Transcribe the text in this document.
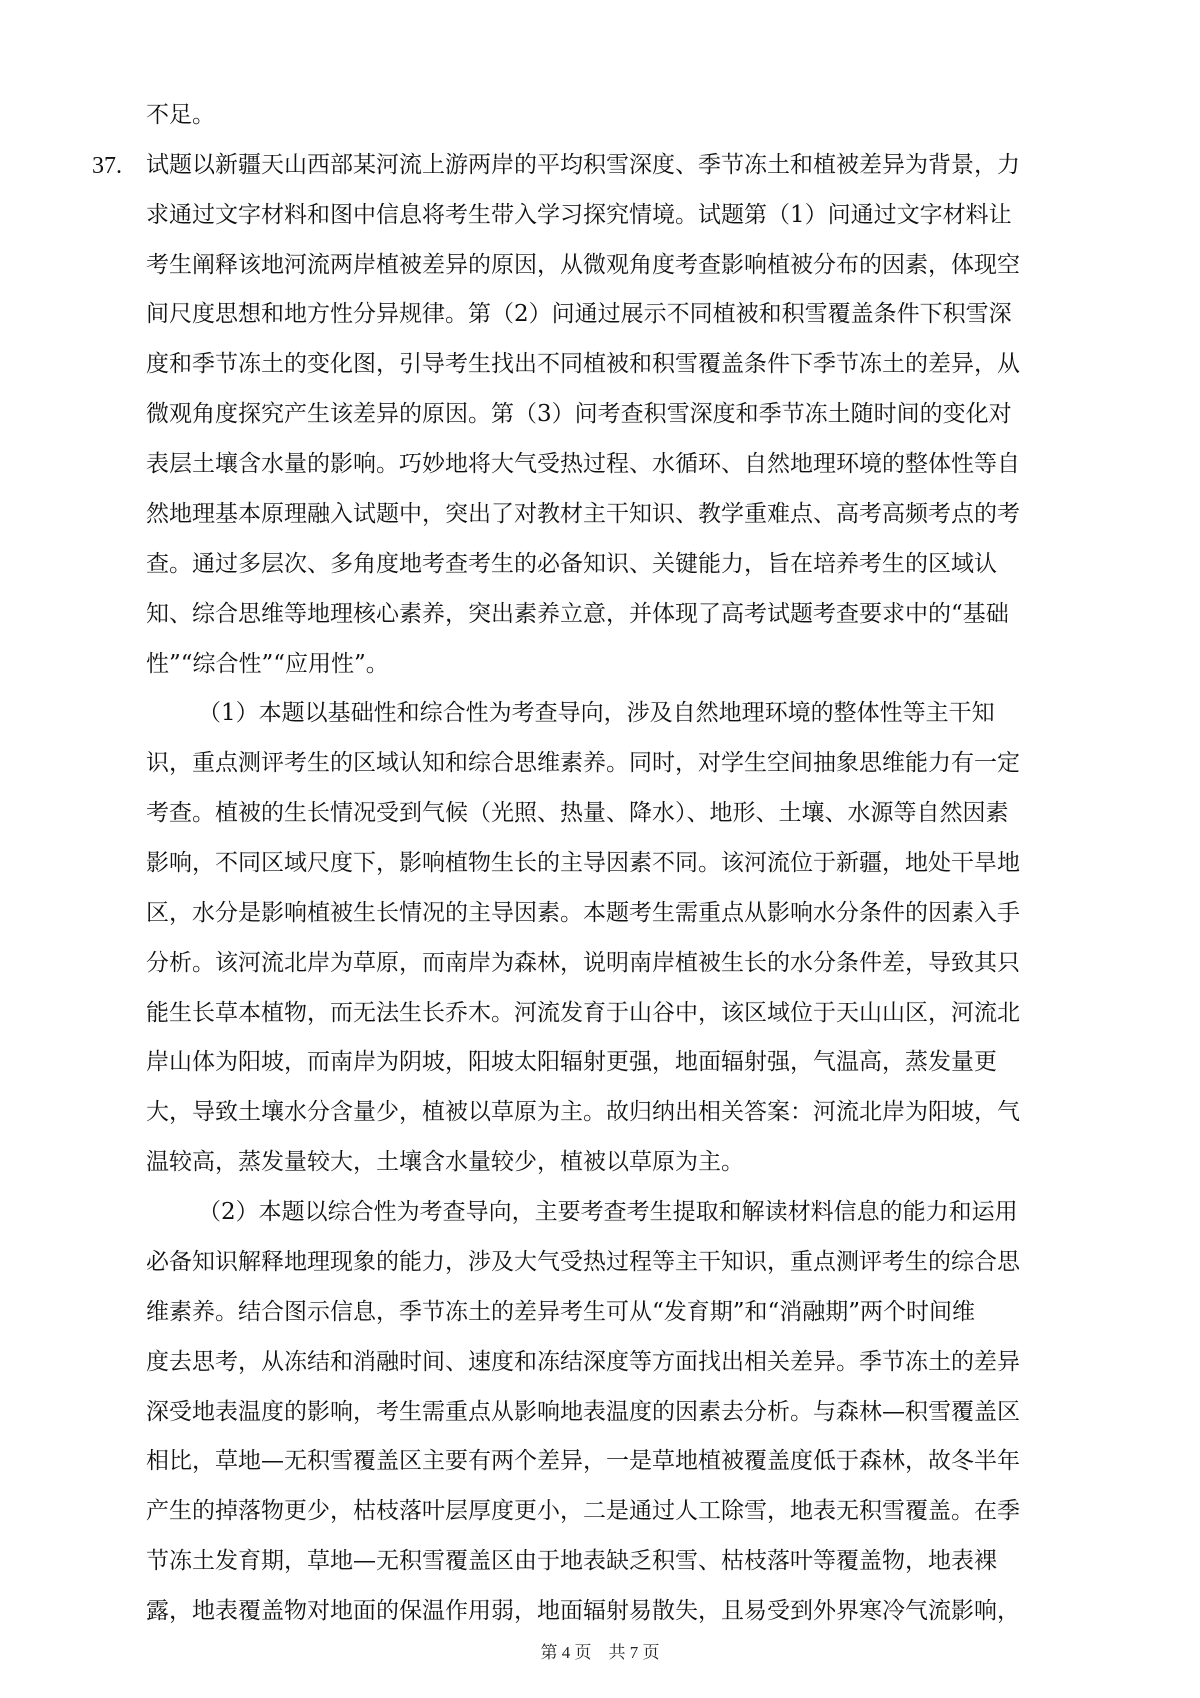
37.
不足。
试题以新疆天山西部某河流上游两岸的平均积雪深度、季节冻土和植被差异为背景，力
求通过文字材料和图中信息将考生带入学习探究情境。试题第（1）问通过文字材料让
考生阐释该地河流两岸植被差异的原因，从微观角度考查影响植被分布的因素，体现空
间尺度思想和地方性分异规律。第（2）问通过展示不同植被和积雪覆盖条件下积雪深
度和季节冻土的变化图，引导考生找出不同植被和积雪覆盖条件下季节冻土的差异，从
微观角度探究产生该差异的原因。第（3）问考查积雪深度和季节冻土随时间的变化对
表层土壤含水量的影响。巧妙地将大气受热过程、水循环、自然地理环境的整体性等自
然地理基本原理融入试题中，突出了对教材主干知识、教学重难点、高考高频考点的考
查。通过多层次、多角度地考查考生的必备知识、关键能力，旨在培养考生的区域认
知、综合思维等地理核心素养，突出素养立意，并体现了高考试题考查要求中的“基础
性”“综合性”“应用性”。
（1）本题以基础性和综合性为考查导向，涉及自然地理环境的整体性等主干知
识，重点测评考生的区域认知和综合思维素养。同时，对学生空间抽象思维能力有一定
考查。植被的生长情况受到气候（光照、热量、降水）、地形、土壤、水源等自然因素
影响，不同区域尺度下，影响植物生长的主导因素不同。该河流位于新疆，地处干旱地
区，水分是影响植被生长情况的主导因素。本题考生需重点从影响水分条件的因素入手
分析。该河流北岸为草原，而南岸为森林，说明南岸植被生长的水分条件差，导致其只
能生长草本植物，而无法生长乔木。河流发育于山谷中，该区域位于天山山区，河流北
岸山体为阳坡，而南岸为阴坡，阳坡太阳辐射更强，地面辐射强，气温高，蒸发量更
大，导致土壤水分含量少，植被以草原为主。故归纳出相关答案：河流北岸为阳坡，气
温较高，蒸发量较大，土壤含水量较少，植被以草原为主。
（2）本题以综合性为考查导向，主要考查考生提取和解读材料信息的能力和运用
必备知识解释地理现象的能力，涉及大气受热过程等主干知识，重点测评考生的综合思
维素养。结合图示信息，季节冻土的差异考生可从“发育期”和“消融期”两个时间维
度去思考，从冻结和消融时间、速度和冻结深度等方面找出相关差异。季节冻土的差异
深受地表温度的影响，考生需重点从影响地表温度的因素去分析。与森林—积雪覆盖区
相比，草地—无积雪覆盖区主要有两个差异，一是草地植被覆盖度低于森林，故冬半年
产生的掉落物更少，枯枝落叶层厚度更小，二是通过人工除雪，地表无积雪覆盖。在季
节冻土发育期，草地—无积雪覆盖区由于地表缺乏积雪、枯枝落叶等覆盖物，地表裸
露，地表覆盖物对地面的保温作用弱，地面辐射易散失，且易受到外界寒冷气流影响，
第 4 页　共 7 页
